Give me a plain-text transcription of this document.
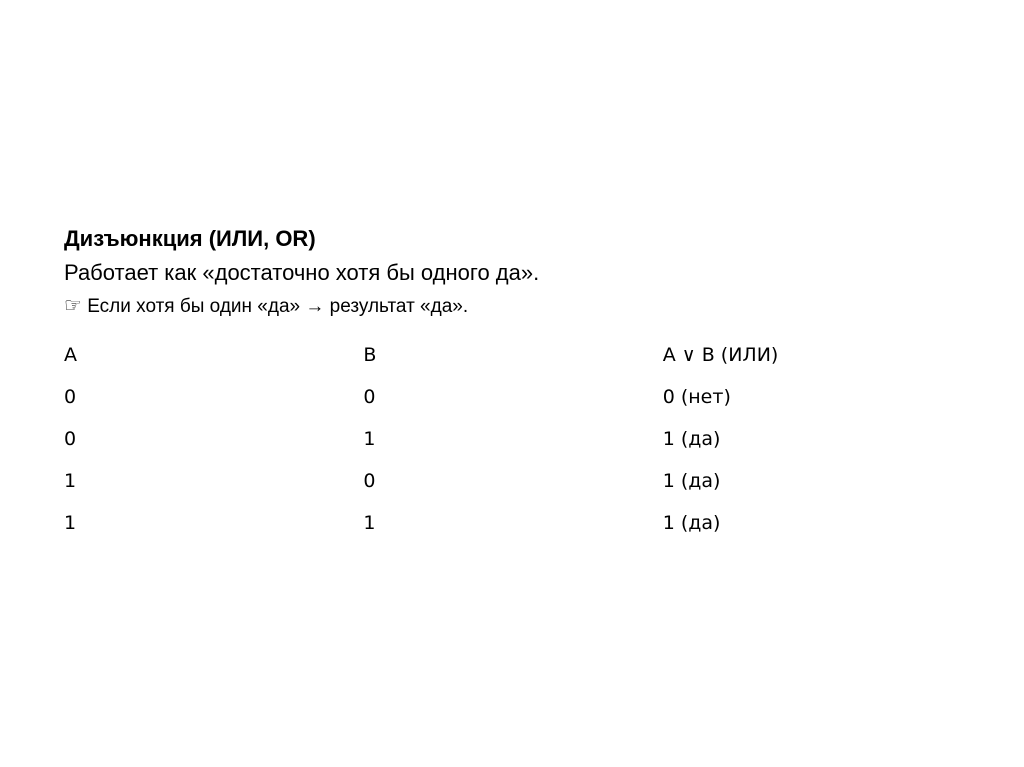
Дизъюнкция (ИЛИ, OR)
Работает как «достаточно хотя бы одного да».
☞ Если хотя бы один «да» → результат «да».
A	B	A ∨ B (ИЛИ)
0	0	0 (нет)
0	1	1 (да)
1	0	1 (да)
1	1	1 (да)
